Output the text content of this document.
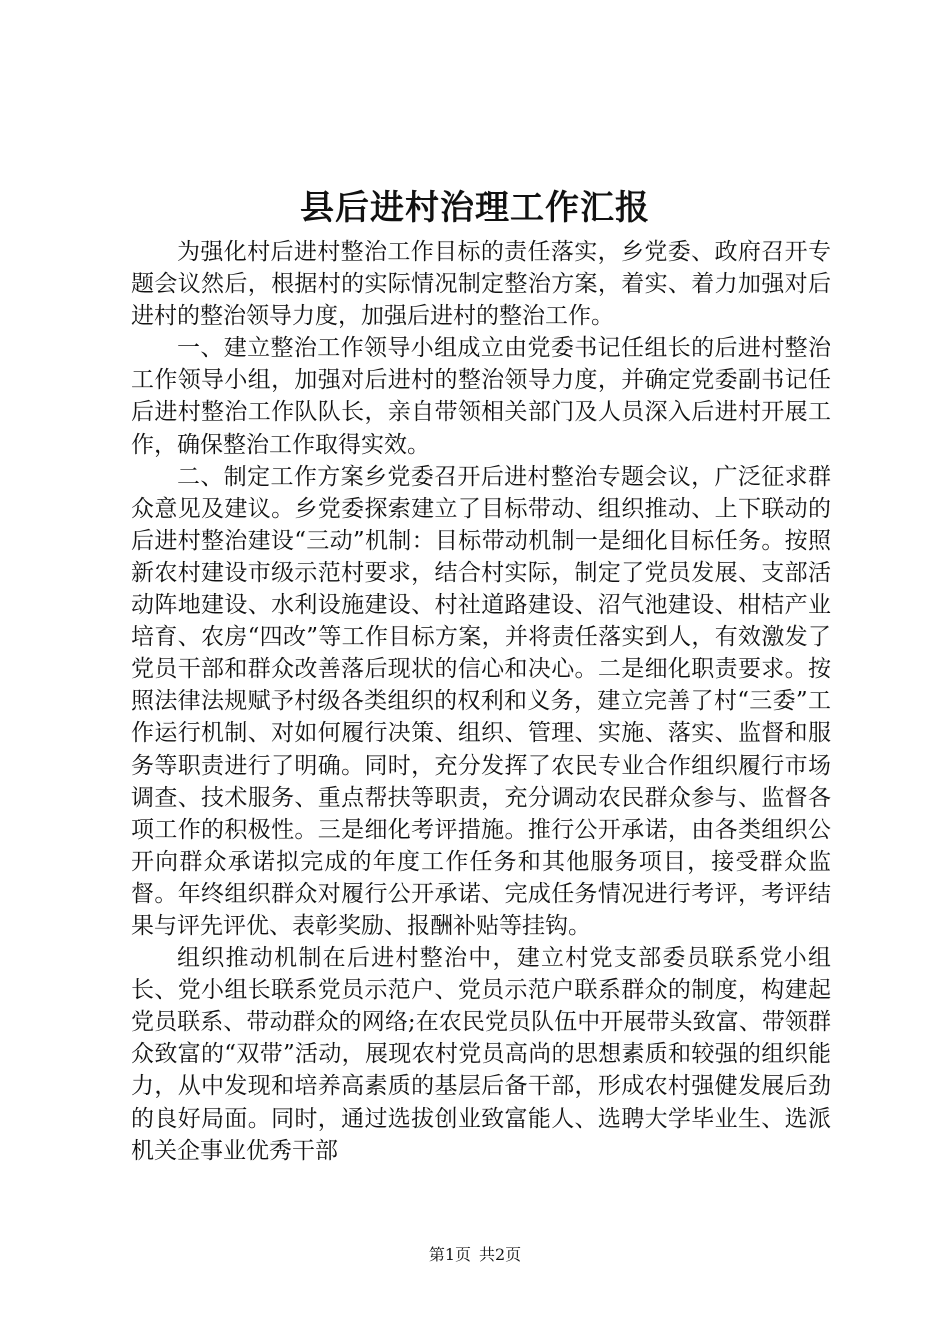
县后进村治理工作汇报

为强化村后进村整治工作目标的责任落实，乡党委、政府召开专题会议然后，根据村的实际情况制定整治方案，着实、着力加强对后进村的整治领导力度，加强后进村的整治工作。

一、建立整治工作领导小组成立由党委书记任组长的后进村整治工作领导小组，加强对后进村的整治领导力度，并确定党委副书记任后进村整治工作队队长，亲自带领相关部门及人员深入后进村开展工作，确保整治工作取得实效。

二、制定工作方案乡党委召开后进村整治专题会议，广泛征求群众意见及建议。乡党委探索建立了目标带动、组织推动、上下联动的后进村整治建设“三动”机制：目标带动机制一是细化目标任务。按照新农村建设市级示范村要求，结合村实际，制定了党员发展、支部活动阵地建设、水利设施建设、村社道路建设、沼气池建设、柑桔产业培育、农房“四改”等工作目标方案，并将责任落实到人，有效激发了党员干部和群众改善落后现状的信心和决心。二是细化职责要求。按照法律法规赋予村级各类组织的权利和义务，建立完善了村“三委”工作运行机制、对如何履行决策、组织、管理、实施、落实、监督和服务等职责进行了明确。同时，充分发挥了农民专业合作组织履行市场调查、技术服务、重点帮扶等职责，充分调动农民群众参与、监督各项工作的积极性。三是细化考评措施。推行公开承诺，由各类组织公开向群众承诺拟完成的年度工作任务和其他服务项目，接受群众监督。年终组织群众对履行公开承诺、完成任务情况进行考评，考评结果与评先评优、表彰奖励、报酬补贴等挂钩。

组织推动机制在后进村整治中，建立村党支部委员联系党小组长、党小组长联系党员示范户、党员示范户联系群众的制度，构建起党员联系、带动群众的网络;在农民党员队伍中开展带头致富、带领群众致富的“双带”活动，展现农村党员高尚的思想素质和较强的组织能力，从中发现和培养高素质的基层后备干部，形成农村强健发展后劲的良好局面。同时，通过选拔创业致富能人、选聘大学毕业生、选派机关企事业优秀干部

第1页 共2页
